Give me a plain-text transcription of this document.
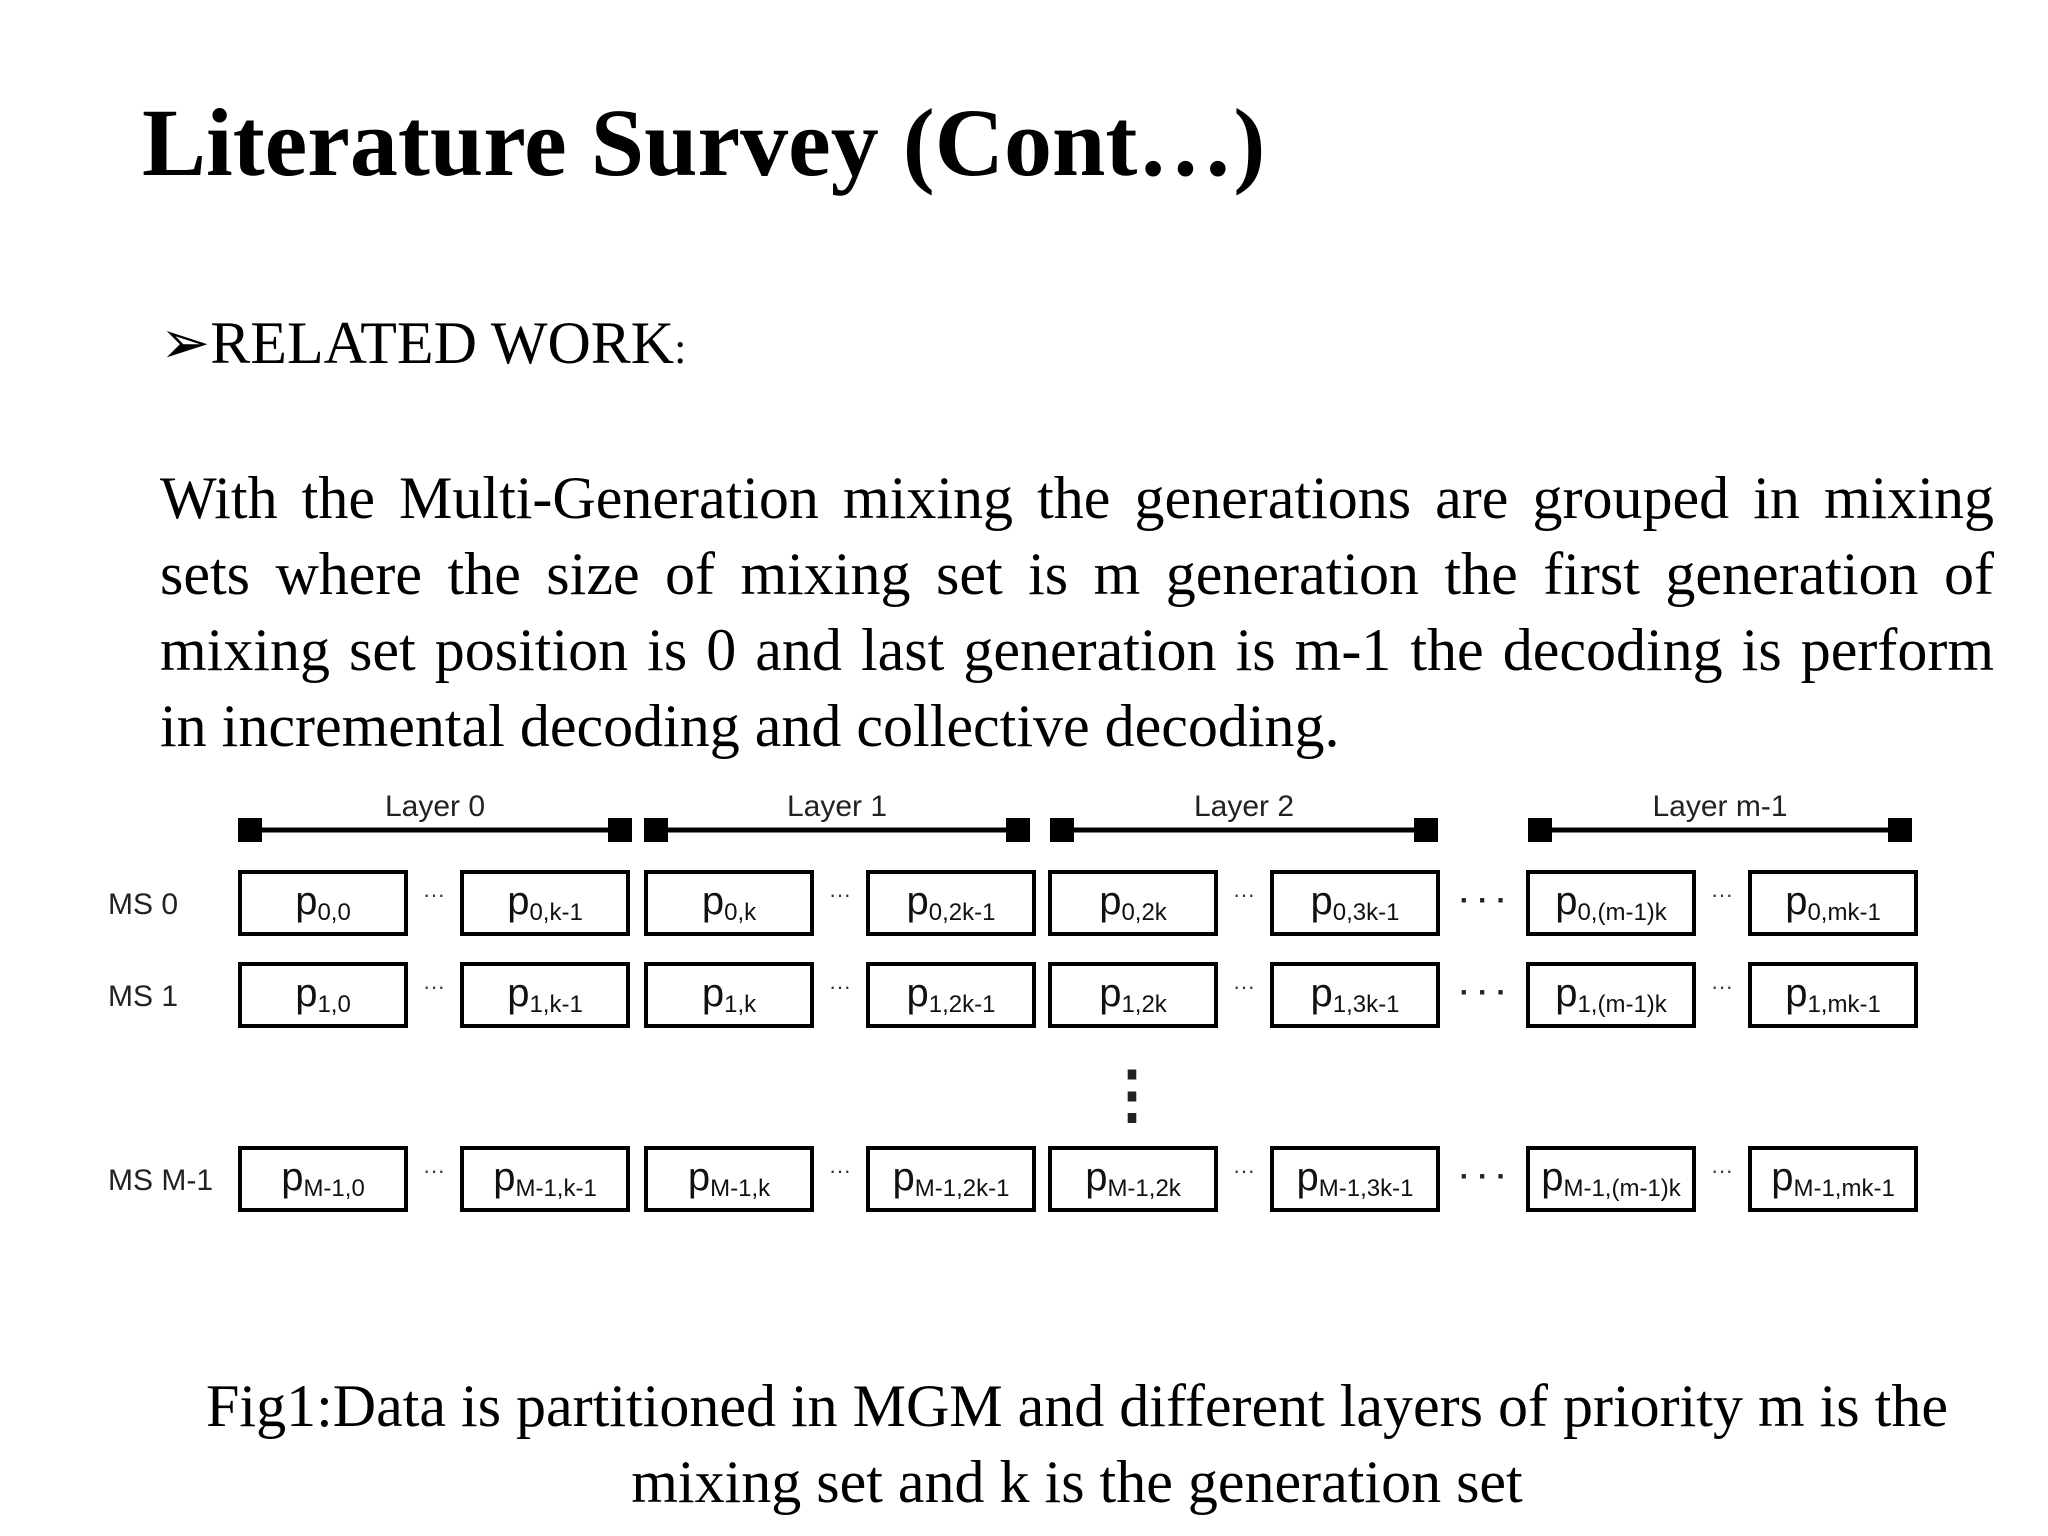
Literature Survey (Cont…)
➢RELATED WORK:

With the Multi-Generation mixing the generations are grouped in mixing sets where the size of mixing set is m generation the first generation of mixing set position is 0 and last generation is m-1 the decoding is perform in incremental decoding and collective decoding.

Layer 0	Layer 1	Layer 2	Layer m-1
MS 0	p0,0	p0,k-1	p0,k	p0,2k-1	p0,2k	p0,3k-1	p0,(m-1)k	p0,mk-1
···	···	···	···
· · ·
MS 1	p1,0	p1,k-1	p1,k	p1,2k-1	p1,2k	p1,3k-1	p1,(m-1)k	p1,mk-1
···	···	···	···
· · ·
MS M-1 pM-1,0	pM-1,k-1 pM-1,k	pM-1,2k-1 pM-1,2k	pM-1,3k-1	pM-1,(m-1)k pM-1,mk-1
···	···	···	···
· · ·
⋮

Fig1:Data is partitioned in MGM and different layers of priority m is the mixing set and k is the generation set
